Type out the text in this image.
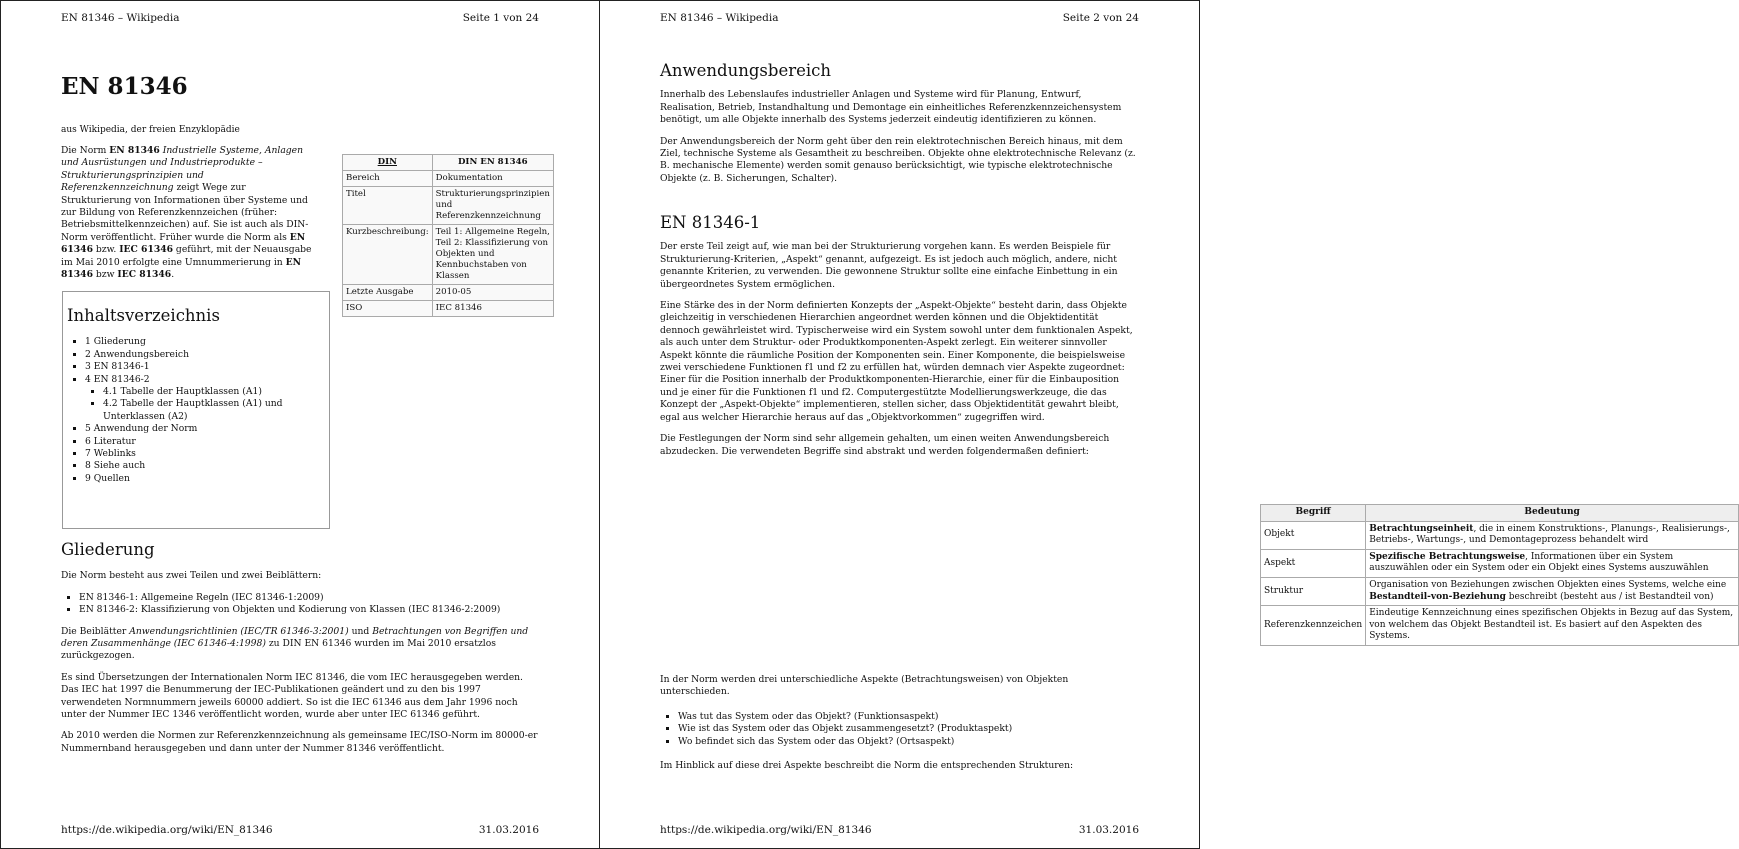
EN 81346 – Wikipedia	Seite 1 von 24
EN 81346
aus Wikipedia, der freien Enzyklopädie
Die Norm EN 81346 Industrielle Systeme, Anlagen und Ausrüstungen und Industrieprodukte – Strukturierungsprinzipien und Referenzkennzeichnung zeigt Wege zur Strukturierung von Informationen über Systeme und zur Bildung von Referenzkennzeichen (früher: Betriebsmittelkennzeichen) auf. Sie ist auch als DIN-Norm veröffentlicht. Früher wurde die Norm als EN 61346 bzw. IEC 61346 geführt, mit der Neuausgabe im Mai 2010 erfolgte eine Umnummerierung in EN 81346 bzw IEC 81346.
DIN	DIN EN 81346
Bereich	Dokumentation
Titel	Strukturierungsprinzipien und Referenzkennzeichnung
Kurzbeschreibung:	Teil 1: Allgemeine Regeln, Teil 2: Klassifizierung von Objekten und Kennbuchstaben von Klassen
Letzte Ausgabe	2010-05
ISO	IEC 81346
Inhaltsverzeichnis
▪ 1 Gliederung
▪ 2 Anwendungsbereich
▪ 3 EN 81346-1
▪ 4 EN 81346-2
▪ 4.1 Tabelle der Hauptklassen (A1)
▪ 4.2 Tabelle der Hauptklassen (A1) und Unterklassen (A2)
▪ 5 Anwendung der Norm
▪ 6 Literatur
▪ 7 Weblinks
▪ 8 Siehe auch
▪ 9 Quellen
Gliederung

Die Norm besteht aus zwei Teilen und zwei Beiblättern:

▪ EN 81346-1: Allgemeine Regeln (IEC 81346-1:2009)
▪ EN 81346-2: Klassifizierung von Objekten und Kodierung von Klassen (IEC 81346-2:2009)

Die Beiblätter Anwendungsrichtlinien (IEC/TR 61346-3:2001) und Betrachtungen von Begriffen und deren Zusammenhänge (IEC 61346-4:1998) zu DIN EN 61346 wurden im Mai 2010 ersatzlos zurückgezogen.

Es sind Übersetzungen der Internationalen Norm IEC 81346, die vom IEC herausgegeben werden. Das IEC hat 1997 die Benummerung der IEC-Publikationen geändert und zu den bis 1997 verwendeten Normnummern jeweils 60000 addiert. So ist die IEC 61346 aus dem Jahr 1996 noch unter der Nummer IEC 1346 veröffentlicht worden, wurde aber unter IEC 61346 geführt.

Ab 2010 werden die Normen zur Referenzkennzeichnung als gemeinsame IEC/ISO-Norm im 80000-er Nummernband herausgegeben und dann unter der Nummer 81346 veröffentlicht.

https://de.wikipedia.org/wiki/EN_81346	31.03.2016
EN 81346 – Wikipedia	Seite 2 von 24
Anwendungsbereich

Innerhalb des Lebenslaufes industrieller Anlagen und Systeme wird für Planung, Entwurf, Realisation, Betrieb, Instandhaltung und Demontage ein einheitliches Referenzkennzeichensystem benötigt, um alle Objekte innerhalb des Systems jederzeit eindeutig identifizieren zu können.

Der Anwendungsbereich der Norm geht über den rein elektrotechnischen Bereich hinaus, mit dem Ziel, technische Systeme als Gesamtheit zu beschreiben. Objekte ohne elektrotechnische Relevanz (z. B. mechanische Elemente) werden somit genauso berücksichtigt, wie typische elektrotechnische Objekte (z. B. Sicherungen, Schalter).

EN 81346-1

Der erste Teil zeigt auf, wie man bei der Strukturierung vorgehen kann. Es werden Beispiele für Strukturierung-Kriterien, „Aspekt“ genannt, aufgezeigt. Es ist jedoch auch möglich, andere, nicht genannte Kriterien, zu verwenden. Die gewonnene Struktur sollte eine einfache Einbettung in ein übergeordnetes System ermöglichen.

Eine Stärke des in der Norm definierten Konzepts der „Aspekt-Objekte“ besteht darin, dass Objekte gleichzeitig in verschiedenen Hierarchien angeordnet werden können und die Objektidentität dennoch gewährleistet wird. Typischerweise wird ein System sowohl unter dem funktionalen Aspekt, als auch unter dem Struktur- oder Produktkomponenten-Aspekt zerlegt. Ein weiterer sinnvoller Aspekt könnte die räumliche Position der Komponenten sein. Einer Komponente, die beispielsweise zwei verschiedene Funktionen f1 und f2 zu erfüllen hat, würden demnach vier Aspekte zugeordnet: Einer für die Position innerhalb der Produktkomponenten-Hierarchie, einer für die Einbauposition und je einer für die Funktionen f1 und f2. Computergestützte Modellierungswerkzeuge, die das Konzept der „Aspekt-Objekte“ implementieren, stellen sicher, dass Objektidentität gewahrt bleibt, egal aus welcher Hierarchie heraus auf das „Objektvorkommen“ zugegriffen wird.

Die Festlegungen der Norm sind sehr allgemein gehalten, um einen weiten Anwendungsbereich abzudecken. Die verwendeten Begriffe sind abstrakt und werden folgendermaßen definiert:

Begriff	Bedeutung
Objekt	Betrachtungseinheit, die in einem Konstruktions-, Planungs-, Realisierungs-, Betriebs-, Wartungs-, und Demontageprozess behandelt wird
Aspekt	Spezifische Betrachtungsweise, Informationen über ein System auszuwählen oder ein System oder ein Objekt eines Systems auszuwählen
Struktur	Organisation von Beziehungen zwischen Objekten eines Systems, welche eine Bestandteil-von-Beziehung beschreibt (besteht aus / ist Bestandteil von)
Referenzkennzeichen	Eindeutige Kennzeichnung eines spezifischen Objekts in Bezug auf das System, von welchem das Objekt Bestandteil ist. Es basiert auf den Aspekten des Systems.

In der Norm werden drei unterschiedliche Aspekte (Betrachtungsweisen) von Objekten unterschieden.

▪ Was tut das System oder das Objekt? (Funktionsaspekt)
▪ Wie ist das System oder das Objekt zusammengesetzt? (Produktaspekt)
▪ Wo befindet sich das System oder das Objekt? (Ortsaspekt)

Im Hinblick auf diese drei Aspekte beschreibt die Norm die entsprechenden Strukturen:

https://de.wikipedia.org/wiki/EN_81346	31.03.2016
